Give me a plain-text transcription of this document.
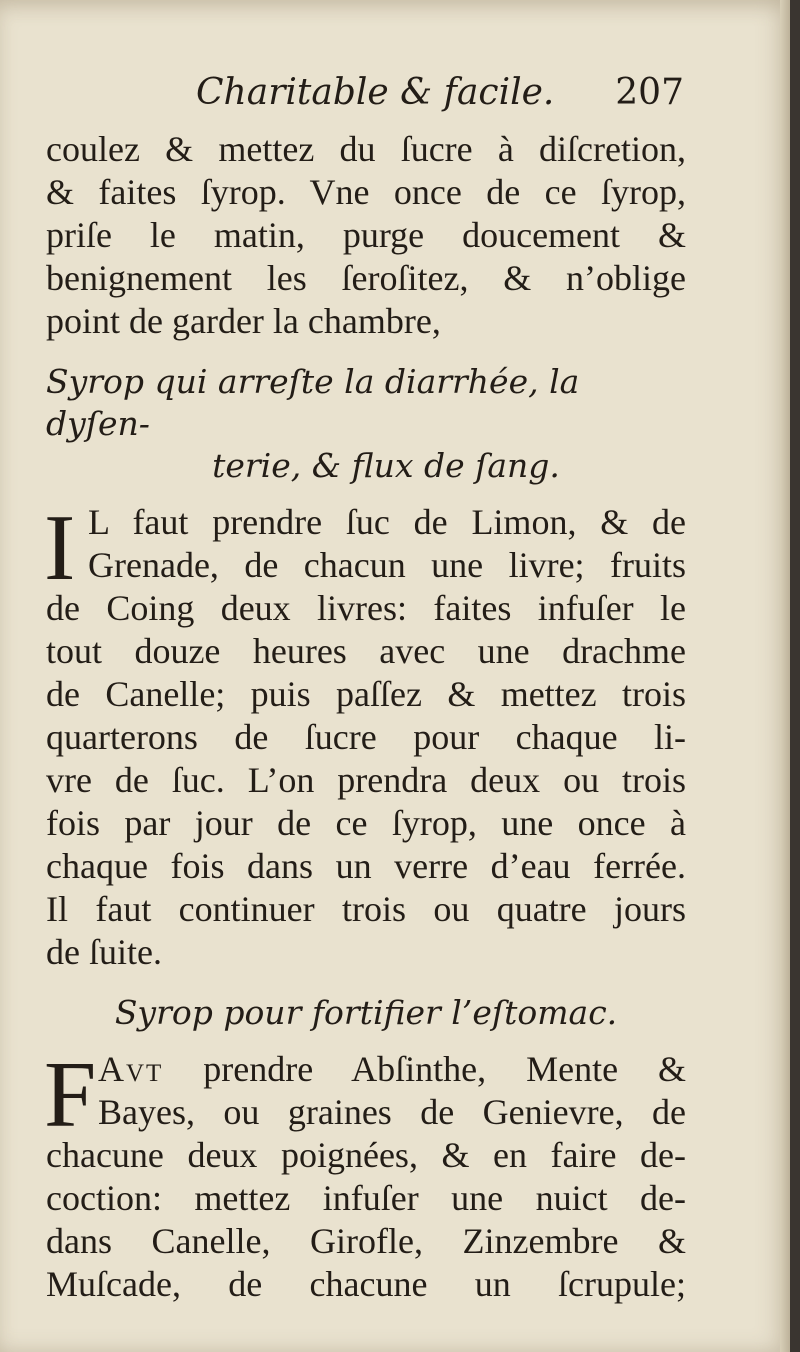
Charitable & facile. 207
coulez & mettez du ſucre à diſcretion,
& faites ſyrop. Vne once de ce ſyrop,
priſe le matin, purge doucement &
benignement les ſeroſitez, & n’oblige
point de garder la chambre,
Syrop qui arreſte la diarrhée, la dyſen-
terie, & flux de ſang.
I L faut prendre ſuc de Limon, & de
Grenade, de chacun une livre; fruits
de Coing deux livres: faites infuſer le
tout douze heures avec une drachme
de Canelle; puis paſſez & mettez trois
quarterons de ſucre pour chaque li-
vre de ſuc. L’on prendra deux ou trois
fois par jour de ce ſyrop, une once à
chaque fois dans un verre d’eau ferrée.
Il faut continuer trois ou quatre jours
de ſuite.
Syrop pour fortifier l’eſtomac.
F Avt prendre Abſinthe, Mente &
Bayes, ou graines de Genievre, de
chacune deux poignées, & en faire de-
coction: mettez infuſer une nuict de-
dans Canelle, Girofle, Zinzembre &
Muſcade, de chacune un ſcrupule;
